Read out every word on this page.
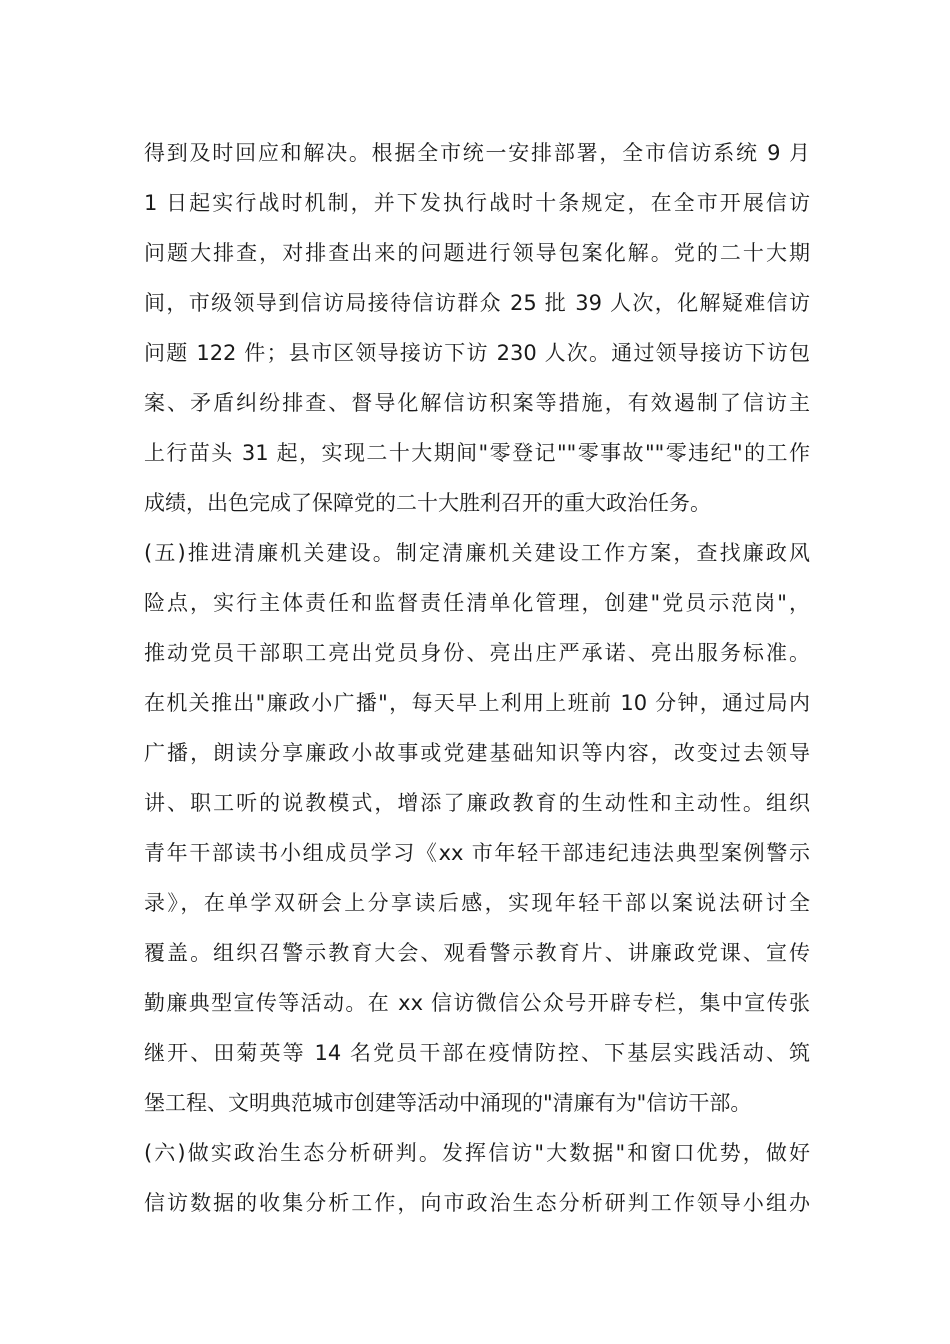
得到及时回应和解决。根据全市统一安排部署，全市信访系统 9 月
1 日起实行战时机制，并下发执行战时十条规定，在全市开展信访
问题大排查，对排查出来的问题进行领导包案化解。党的二十大期
间，市级领导到信访局接待信访群众 25 批 39 人次，化解疑难信访
问题 122 件；县市区领导接访下访 230 人次。通过领导接访下访包
案、矛盾纠纷排查、督导化解信访积案等措施，有效遏制了信访主
上行苗头 31 起，实现二十大期间"零登记""零事故""零违纪"的工作
成绩，出色完成了保障党的二十大胜利召开的重大政治任务。
(五)推进清廉机关建设。制定清廉机关建设工作方案，查找廉政风
险点，实行主体责任和监督责任清单化管理，创建"党员示范岗"，
推动党员干部职工亮出党员身份、亮出庄严承诺、亮出服务标准。
在机关推出"廉政小广播"，每天早上利用上班前 10 分钟，通过局内
广播，朗读分享廉政小故事或党建基础知识等内容，改变过去领导
讲、职工听的说教模式，增添了廉政教育的生动性和主动性。组织
青年干部读书小组成员学习《xx 市年轻干部违纪违法典型案例警示
录》，在单学双研会上分享读后感，实现年轻干部以案说法研讨全
覆盖。组织召警示教育大会、观看警示教育片、讲廉政党课、宣传
勤廉典型宣传等活动。在 xx 信访微信公众号开辟专栏，集中宣传张
继开、田菊英等 14 名党员干部在疫情防控、下基层实践活动、筑
堡工程、文明典范城市创建等活动中涌现的"清廉有为"信访干部。
(六)做实政治生态分析研判。发挥信访"大数据"和窗口优势，做好
信访数据的收集分析工作，向市政治生态分析研判工作领导小组办
